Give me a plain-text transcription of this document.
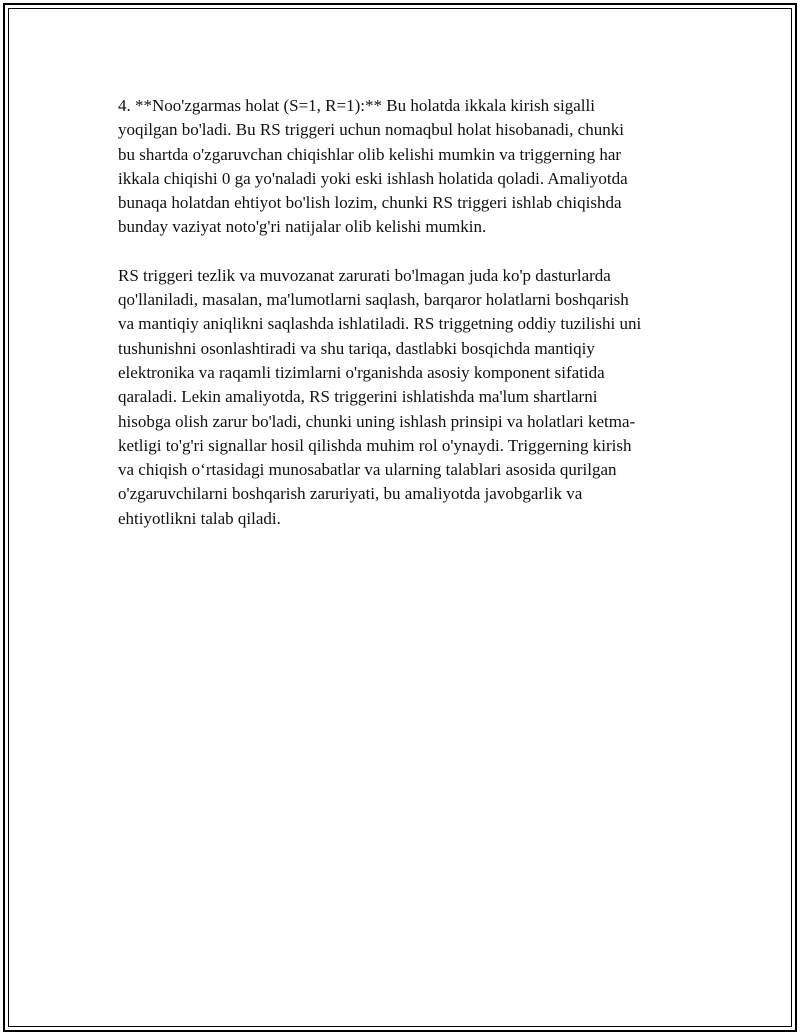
4. **Noo'zgarmas holat (S=1, R=1):** Bu holatda ikkala kirish sigalli
yoqilgan bo'ladi. Bu RS triggeri uchun nomaqbul holat hisobanadi, chunki
bu shartda o'zgaruvchan chiqishlar olib kelishi mumkin va triggerning har
ikkala chiqishi 0 ga yo'naladi yoki eski ishlash holatida qoladi. Amaliyotda
bunaqa holatdan ehtiyot bo'lish lozim, chunki RS triggeri ishlab chiqishda
bunday vaziyat noto'g'ri natijalar olib kelishi mumkin.

RS triggeri tezlik va muvozanat zarurati bo'lmagan juda ko'p dasturlarda
qo'llaniladi, masalan, ma'lumotlarni saqlash, barqaror holatlarni boshqarish
va mantiqiy aniqlikni saqlashda ishlatiladi. RS triggetning oddiy tuzilishi uni
tushunishni osonlashtiradi va shu tariqa, dastlabki bosqichda mantiqiy
elektronika va raqamli tizimlarni o'rganishda asosiy komponent sifatida
qaraladi. Lekin amaliyotda, RS triggerini ishlatishda ma'lum shartlarni
hisobga olish zarur bo'ladi, chunki uning ishlash prinsipi va holatlari ketma-
ketligi to'g'ri signallar hosil qilishda muhim rol o'ynaydi. Triggerning kirish
va chiqish o‘rtasidagi munosabatlar va ularning talablari asosida qurilgan
o'zgaruvchilarni boshqarish zaruriyati, bu amaliyotda javobgarlik va
ehtiyotlikni talab qiladi.
